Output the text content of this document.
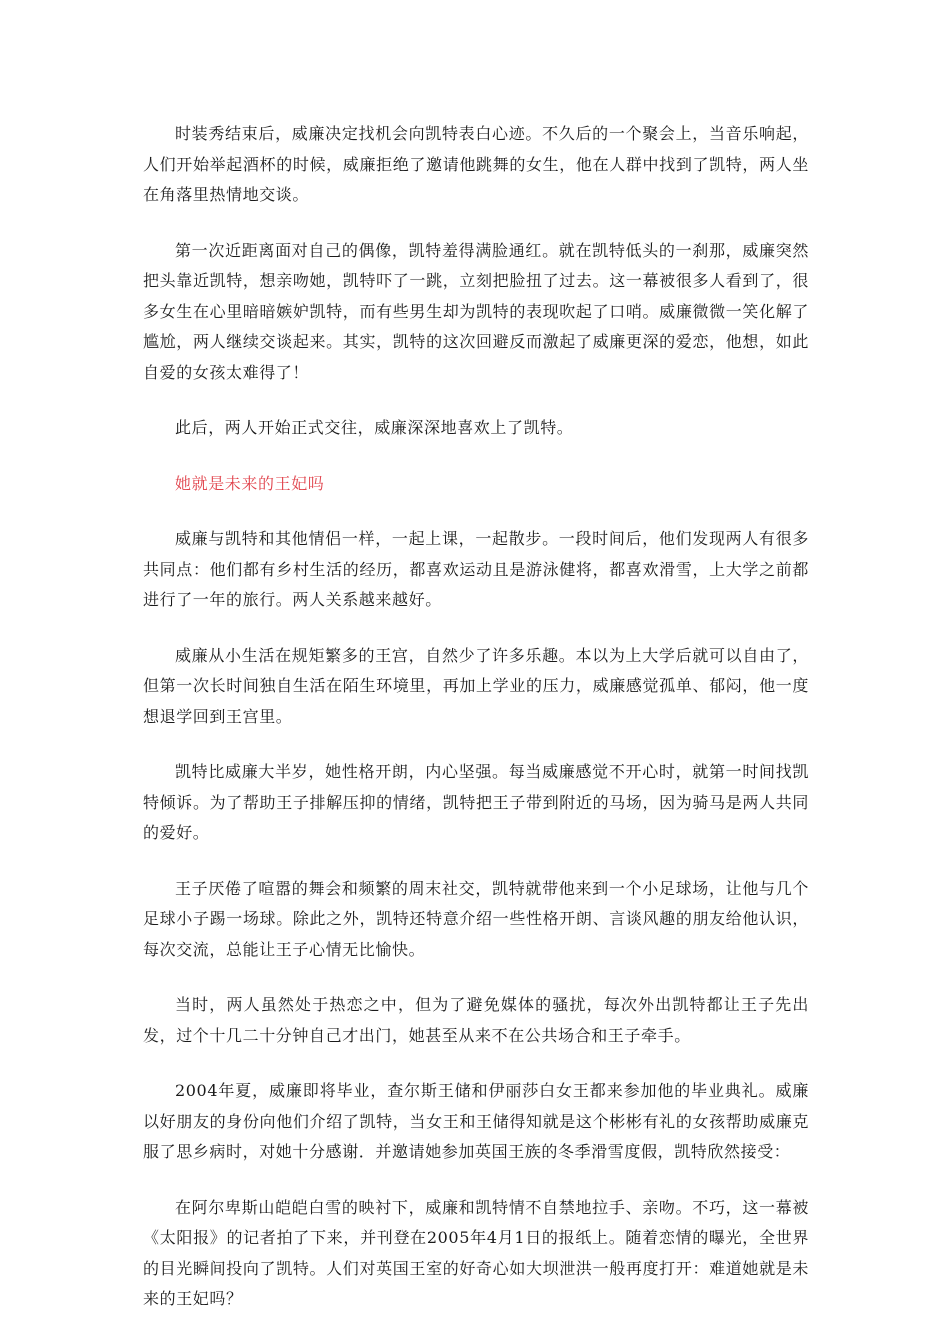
时装秀结束后，威廉决定找机会向凯特表白心迹。不久后的一个聚会上，当音乐响起，人们开始举起酒杯的时候，威廉拒绝了邀请他跳舞的女生，他在人群中找到了凯特，两人坐在角落里热情地交谈。

第一次近距离面对自己的偶像，凯特羞得满脸通红。就在凯特低头的一刹那，威廉突然把头靠近凯特，想亲吻她，凯特吓了一跳，立刻把脸扭了过去。这一幕被很多人看到了，很多女生在心里暗暗嫉妒凯特，而有些男生却为凯特的表现吹起了口哨。威廉微微一笑化解了尴尬，两人继续交谈起来。其实，凯特的这次回避反而激起了威廉更深的爱恋，他想，如此自爱的女孩太难得了！

此后，两人开始正式交往，威廉深深地喜欢上了凯特。

她就是未来的王妃吗

威廉与凯特和其他情侣一样，一起上课，一起散步。一段时间后，他们发现两人有很多共同点：他们都有乡村生活的经历，都喜欢运动且是游泳健将，都喜欢滑雪，上大学之前都进行了一年的旅行。两人关系越来越好。

威廉从小生活在规矩繁多的王宫，自然少了许多乐趣。本以为上大学后就可以自由了，但第一次长时间独自生活在陌生环境里，再加上学业的压力，威廉感觉孤单、郁闷，他一度想退学回到王宫里。

凯特比威廉大半岁，她性格开朗，内心坚强。每当威廉感觉不开心时，就第一时间找凯特倾诉。为了帮助王子排解压抑的情绪，凯特把王子带到附近的马场，因为骑马是两人共同的爱好。

王子厌倦了喧嚣的舞会和频繁的周末社交，凯特就带他来到一个小足球场，让他与几个足球小子踢一场球。除此之外，凯特还特意介绍一些性格开朗、言谈风趣的朋友给他认识，每次交流，总能让王子心情无比愉快。

当时，两人虽然处于热恋之中，但为了避免媒体的骚扰，每次外出凯特都让王子先出发，过个十几二十分钟自己才出门，她甚至从来不在公共场合和王子牵手。

2004年夏，威廉即将毕业，查尔斯王储和伊丽莎白女王都来参加他的毕业典礼。威廉以好朋友的身份向他们介绍了凯特，当女王和王储得知就是这个彬彬有礼的女孩帮助威廉克服了思乡病时，对她十分感谢．并邀请她参加英国王族的冬季滑雪度假，凯特欣然接受：

在阿尔卑斯山皑皑白雪的映衬下，威廉和凯特情不自禁地拉手、亲吻。不巧，这一幕被《太阳报》的记者拍了下来，并刊登在2005年4月1日的报纸上。随着恋情的曝光，全世界的目光瞬间投向了凯特。人们对英国王室的好奇心如大坝泄洪一般再度打开：难道她就是未来的王妃吗？
